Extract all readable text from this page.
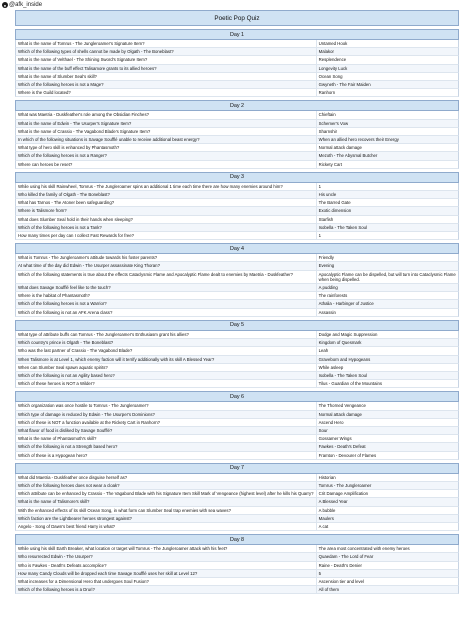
● @afk_inside
Poetic Pop Quiz
Day 1
What is the name of Tomrus - The Jungleroamer's Signature Item?	Untamed Hook
Which of the following types of shells cannot be made by Olgath - The Boneblast?	Malakor
What is the name of Velthael - The Shining Sword's Signature Item?	Resplendence
What is the name of the buff effect Talisamore grants to its allied heroes?	Longevity Luck
What is the name of Slumber Seal's skill?	Ocean Song
Which of the following heroes is not a Mage?	Gwyneth - The Fair Maiden
Where is the Guild located?	Ranhorn
Day 2
What was Maetria - Duskfeather's role among the Obsidian Finches?	Chieftain
What is the name of Edwin - The Usurper's Signature Item?	Schemer's Vow
What is the name of Crassio - The Vagabond Blade's Signature Item?	Sharnshir
In which of the following situations is Savage Soufflé unable to receive additional beast energy?	When an allied hero recovers their Energy
What type of hero skill is enhanced by Phantasmoth?	Normal attack damage
Which of the following heroes is not a Ranger?	Mezoth - The Abysmal Butcher
Where can heroes be reset?	Rickety Cart
Day 3
While using his skill Rainwheel, Tomrus - The Jungleroamer spins an additional 1 time each time there are how many enemies around him?	1
Who killed the family of Olgath - The Boneblast?	His uncle
What has Tarnos - The Atoner been safeguarding?	The Barred Gate
Where is Talismore from?	Exotic dimension
What does Slumber Seal hold in their hands when sleeping?	Starfish
Which of the following heroes is not a Tank?	Isobella - The Taken Soul
How many times per day can I collect Fast Rewards for free?	1
Day 4
What is Tomrus - The Jungleroamer's attitude towards his foster parents?	Friendly
At what time of the day did Edwin - The Usurper assassinate King Thoran?	Evening
Which of the following statements is true about the effects Cataclysmic Flame and Apocalyptic Flame dealt to enemies by Maetria - Duskfeather?	Apocalyptic Flame can be dispelled, but will turn into Cataclysmic Flame when being dispelled.
What does Savage Soufflé feel like to the touch?	A pudding
Where is the habitat of Phantasmoth?	The rainforests
Which of the following heroes is not a Warrior?	Athalia - Harbinger of Justice
Which of the following is not an AFK Arena class?	Assassin
Day 5
What type of attribute buffs can Tomrus - The Jungleroamer's Enthusiasm grant his allies?	Dodge and Magic Suppression
Which country's prince is Olgath - The Boneblast?	Kingdom of Quesmark
Who was the last partner of Crassio - The Vagabond Blade?	Leah
When Talismore is at Level 1, which enemy faction will it terrify additionally with its skill A Blessed Year?	Graveborn and Hypogeans
When can Slumber Seal spawn aquatic spirits?	While asleep
Which of the following is not an Agility based hero?	Isobella - The Taken Soul
Which of these heroes is NOT a Wilder?	Tilus - Guardian of the Mountains
Day 6
Which organization was once hostile to Tomrus - The Jungleroamer?	The Thorned Vengeance
Which type of damage is reduced by Edwin - The Usurper's Dominions?	Normal attack damage
Which of these is NOT a function available at the Rickety Cart in Ranhorn?	Ascend Hero
What flavor of food is disliked by Savage Soufflé?	Sour
What is the name of Phantasmoth's skill?	Gossamer Wings
Which of the following is not a Strength based hero?	Fawkes - Death's Defeat
Which of these is a Hypogean hero?	Framton - Devourer of Flames
Day 7
What did Maetria - Duskfeather once disguise herself as?	Historian
Which of the following heroes does not wear a cloak?	Tomrus - The Jungleroamer
Which attribute can be enhanced by Crassio - The Vagabond Blade with his Signature Item Skill Mark of Vengeance (highest level) after he kills his Quarry?	Crit Damage Amplification
What is the name of Talismore's skill?	A Blessed Year
With the enhanced effects of its skill Ocean Song, in what form can Slumber Seal trap enemies with sea waves?	A bubble
Which faction are the Lightbearer heroes strongest against?	Maulers
Angelo - Song of Dawn's best friend Harry is what?	A cat
Day 8
While using his skill Earth Breaker, what location or target will Tomrus - The Jungleroamer attack with his feet?	The area most concentrated with enemy heroes
Who resurrected Edwin - The Usurper?	Quaedam - The Lord of Fear
Who is Fawkes - Death's Defeats accomplice?	Raine - Death's Denier
How many Candy Clouds will be dropped each time Savage Soufflé uses her skill at Level 12?	5
What increases for a Dimensional Hero that undergoes Soul Fusion?	Ascension tier and level
Which of the following heroes is a Druri?	All of them
